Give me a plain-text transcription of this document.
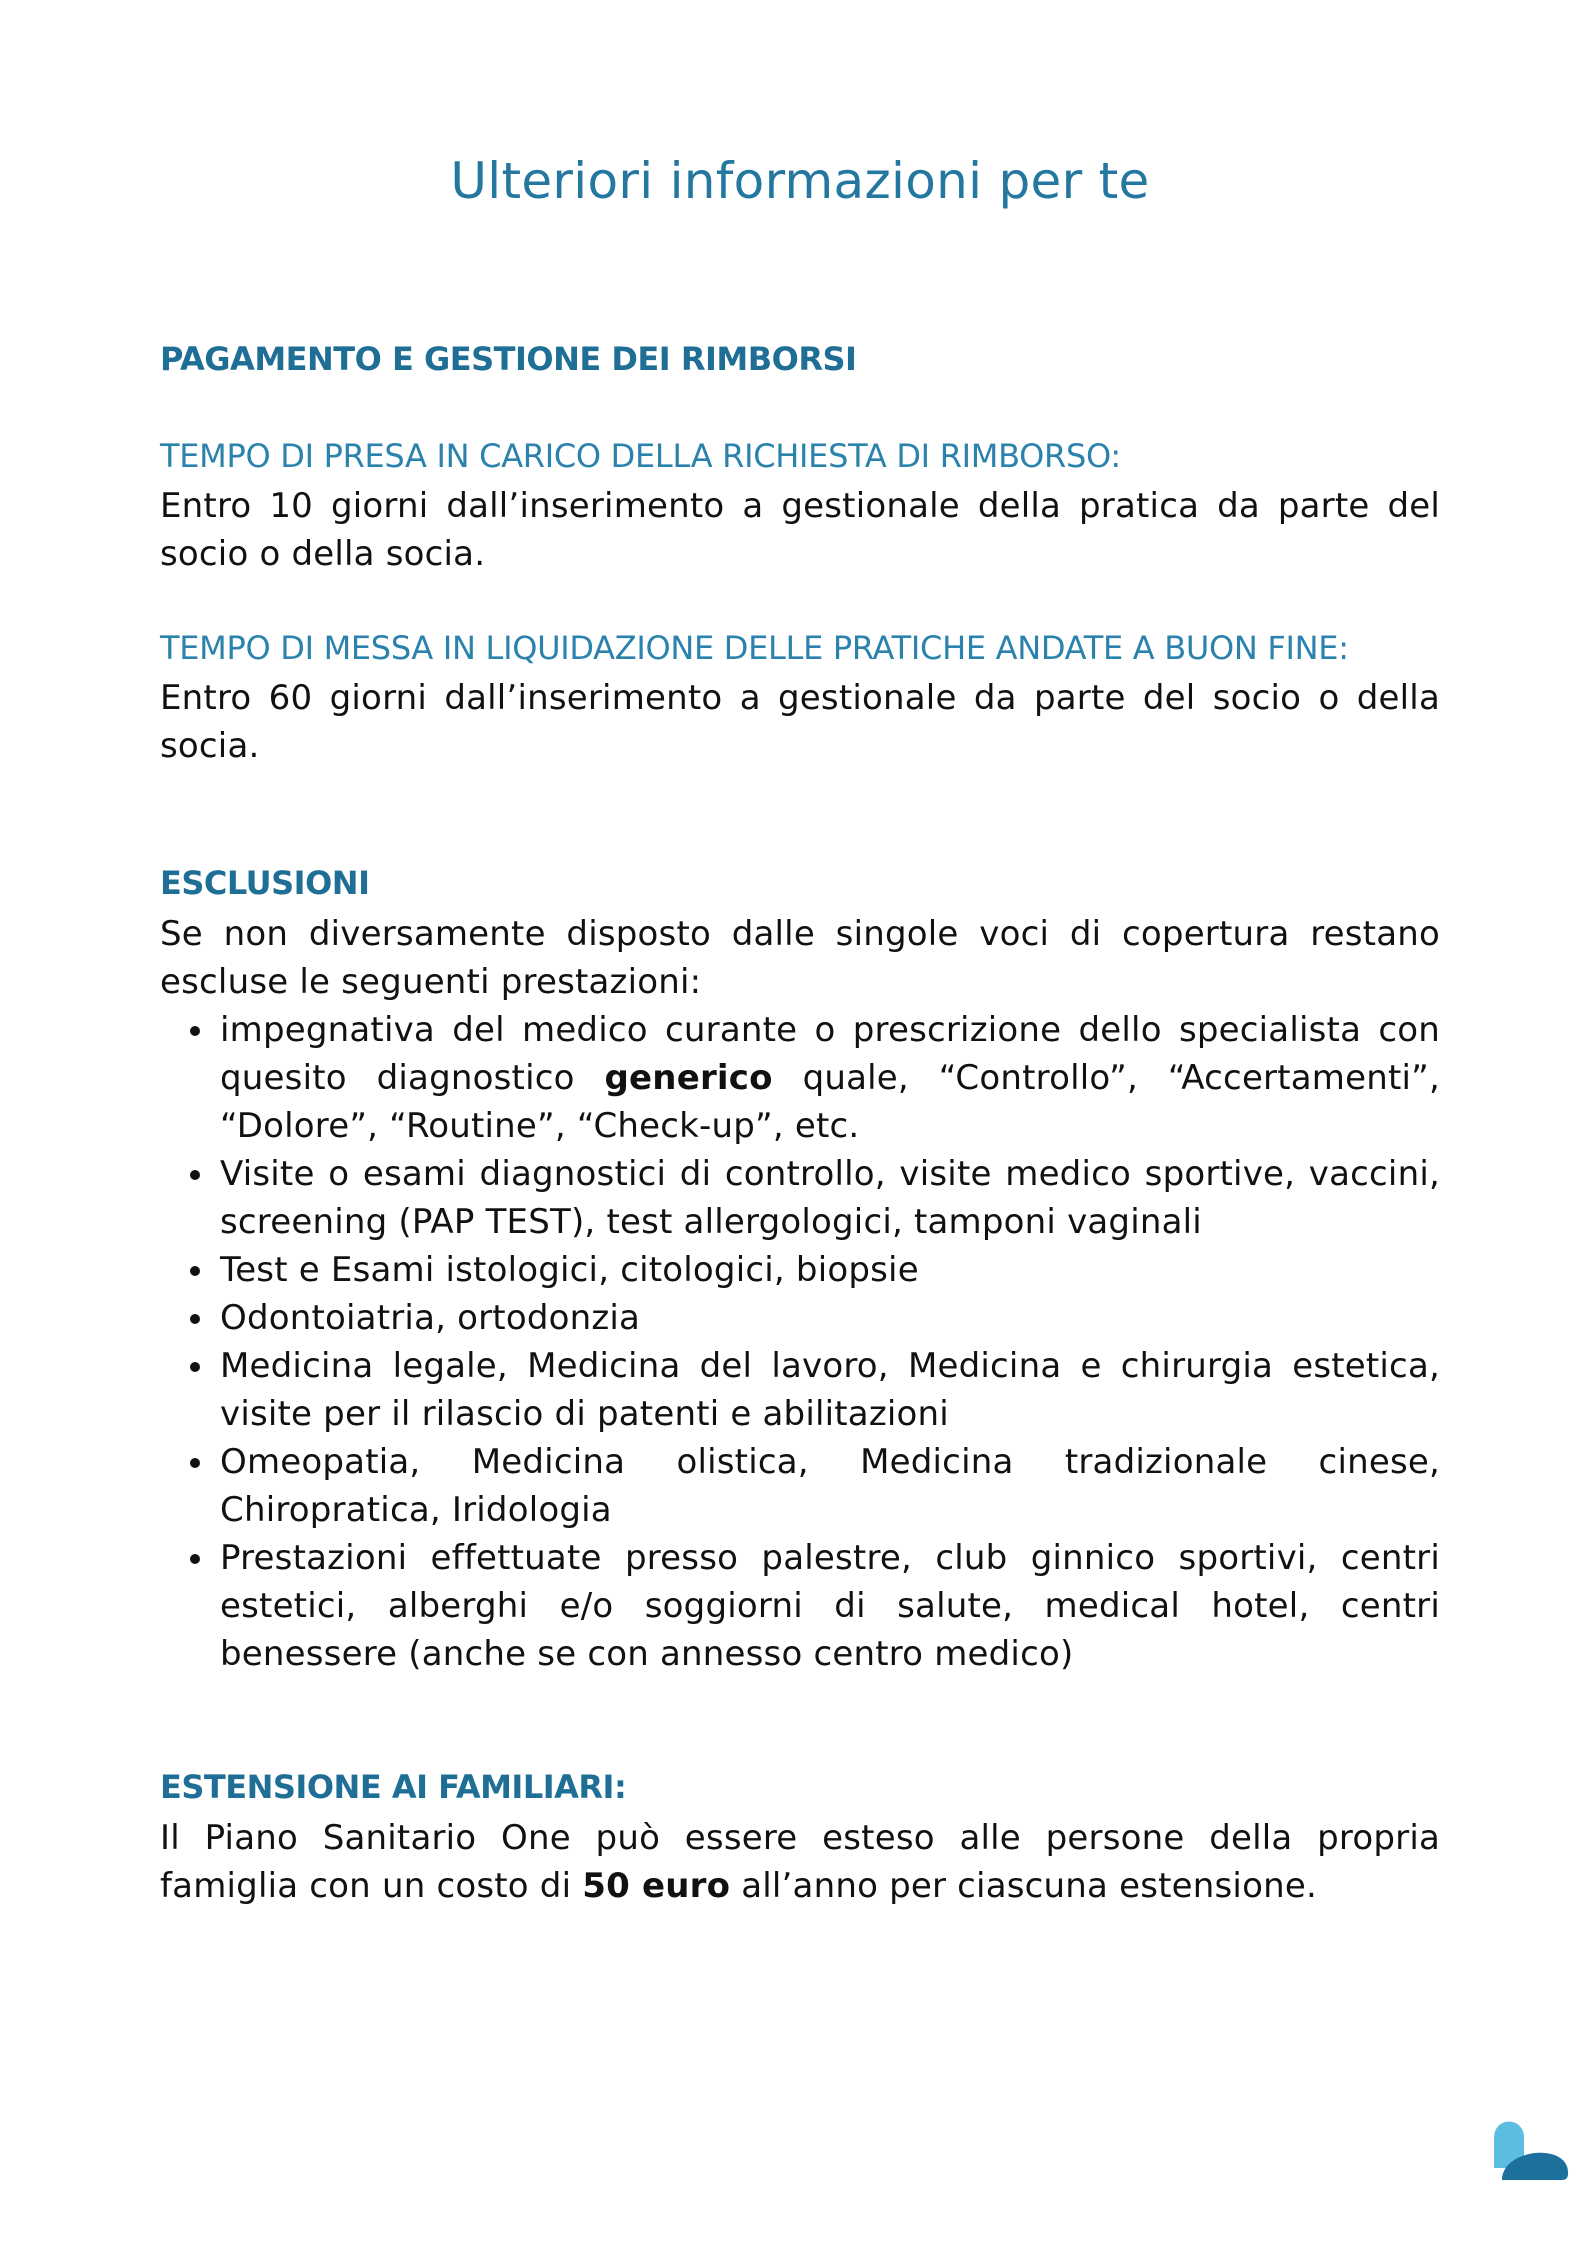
Ulteriori informazioni per te
PAGAMENTO E GESTIONE DEI RIMBORSI
TEMPO DI PRESA IN CARICO DELLA RICHIESTA DI RIMBORSO:

Entro 10 giorni dall’inserimento a gestionale della pratica da parte del socio o della socia.

TEMPO DI MESSA IN LIQUIDAZIONE DELLE PRATICHE ANDATE A BUON FINE:

Entro 60 giorni dall’inserimento a gestionale da parte del socio o della socia.

ESCLUSIONI

Se non diversamente disposto dalle singole voci di copertura restano escluse le seguenti prestazioni:

impegnativa del medico curante o prescrizione dello specialista con quesito diagnostico generico quale, “Controllo”, “Accertamenti”, “Dolore”, “Routine”, “Check-up”, etc.
Visite o esami diagnostici di controllo, visite medico sportive, vaccini, screening (PAP TEST), test allergologici, tamponi vaginali
Test e Esami istologici, citologici, biopsie
Odontoiatria, ortodonzia
Medicina legale, Medicina del lavoro, Medicina e chirurgia estetica, visite per il rilascio di patenti e abilitazioni
Omeopatia, Medicina olistica, Medicina tradizionale cinese, Chiropratica, Iridologia
Prestazioni effettuate presso palestre, club ginnico sportivi, centri estetici, alberghi e/o soggiorni di salute, medical hotel, centri benessere (anche se con annesso centro medico)
ESTENSIONE AI FAMILIARI:

Il Piano Sanitario One può essere esteso alle persone della propria famiglia con un costo di 50 euro all’anno per ciascuna estensione.
